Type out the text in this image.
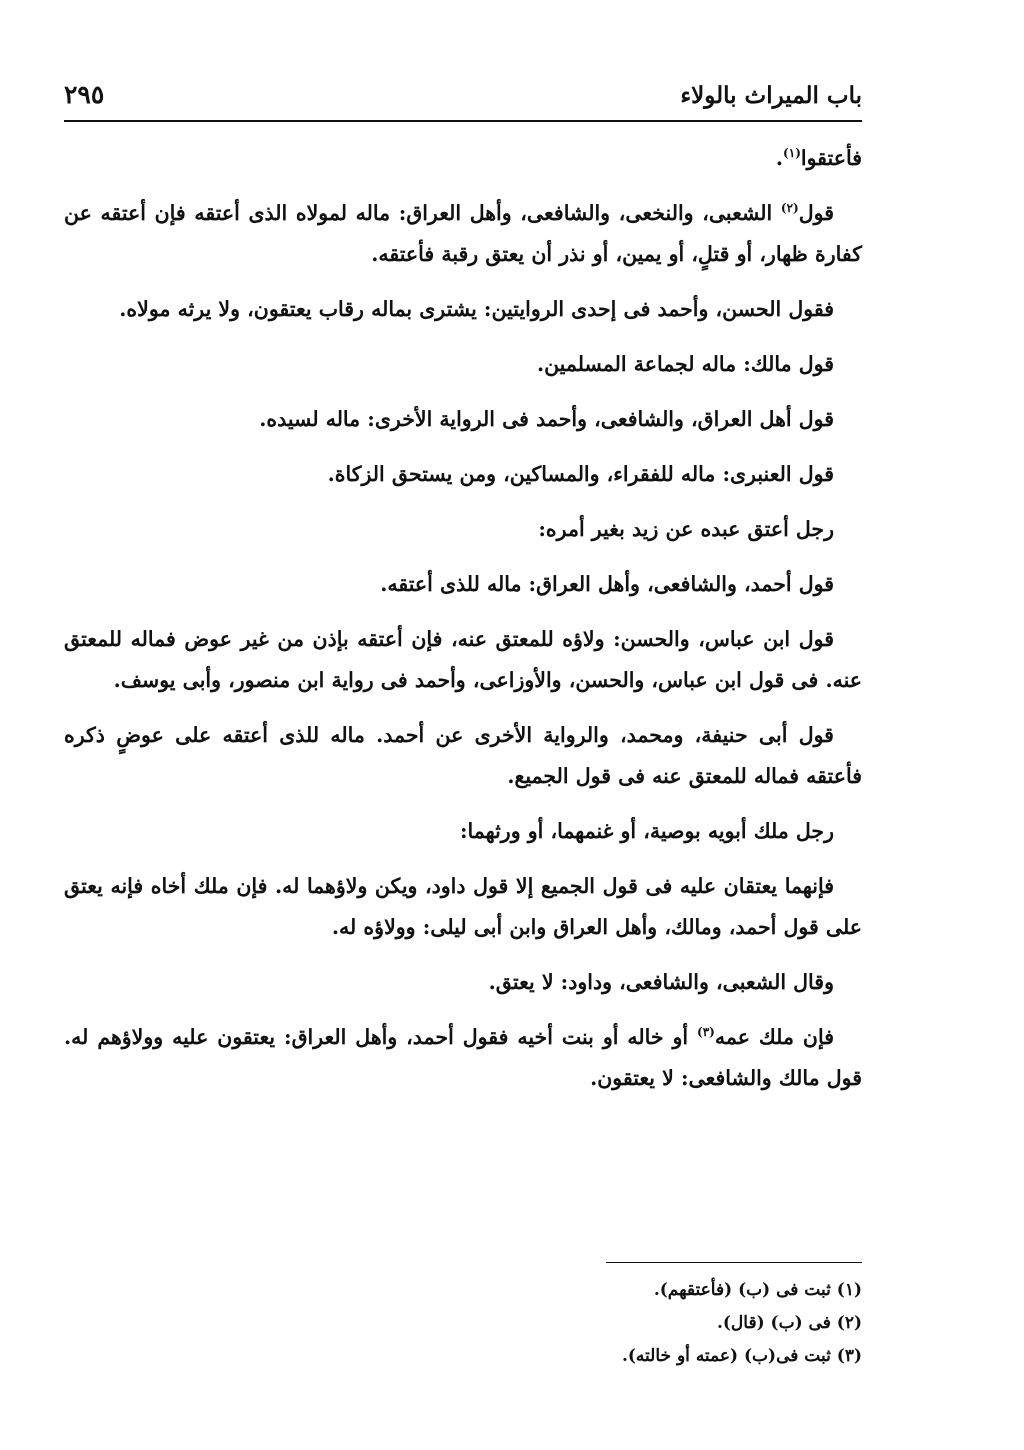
باب الميراث بالولاء
٢٩٥

فأعتقوا$^{(١)}$.

قول$^{(٢)}$ الشعبى، والنخعى، والشافعى، وأهل العراق: ماله لمولاه الذى أعتقه فإن أعتقه عن كفارة ظهار، أو قتلٍ، أو يمين، أو نذر أن يعتق رقبة فأعتقه.

فقول الحسن، وأحمد فى إحدى الروايتين: يشترى بماله رقاب يعتقون، ولا يرثه مولاه.

قول مالك: ماله لجماعة المسلمين.

قول أهل العراق، والشافعى، وأحمد فى الرواية الأخرى: ماله لسيده.

قول العنبرى: ماله للفقراء، والمساكين، ومن يستحق الزكاة.

رجل أعتق عبده عن زيد بغير أمره:

قول أحمد، والشافعى، وأهل العراق: ماله للذى أعتقه.

قول ابن عباس، والحسن: ولاؤه للمعتق عنه، فإن أعتقه بإذن من غير عوض فماله للمعتق عنه. فى قول ابن عباس، والحسن، والأوزاعى، وأحمد فى رواية ابن منصور، وأبى يوسف.

قول أبى حنيفة، ومحمد، والرواية الأخرى عن أحمد. ماله للذى أعتقه على عوضٍ ذكره فأعتقه فماله للمعتق عنه فى قول الجميع.

رجل ملك أبويه بوصية، أو غنمهما، أو ورثهما:

فإنهما يعتقان عليه فى قول الجميع إلا قول داود، ويكن ولاؤهما له. فإن ملك أخاه فإنه يعتق على قول أحمد، ومالك، وأهل العراق وابن أبى ليلى: وولاؤه له.

وقال الشعبى، والشافعى، وداود: لا يعتق.

فإن ملك عمه$^{(٣)}$ أو خاله أو بنت أخيه فقول أحمد، وأهل العراق: يعتقون عليه وولاؤهم له. قول مالك والشافعى: لا يعتقون.

(١) ثبت فى (ب) (فأعتقهم).
(٢) فى (ب) (قال).
(٣) ثبت فى(ب) (عمته أو خالته).
